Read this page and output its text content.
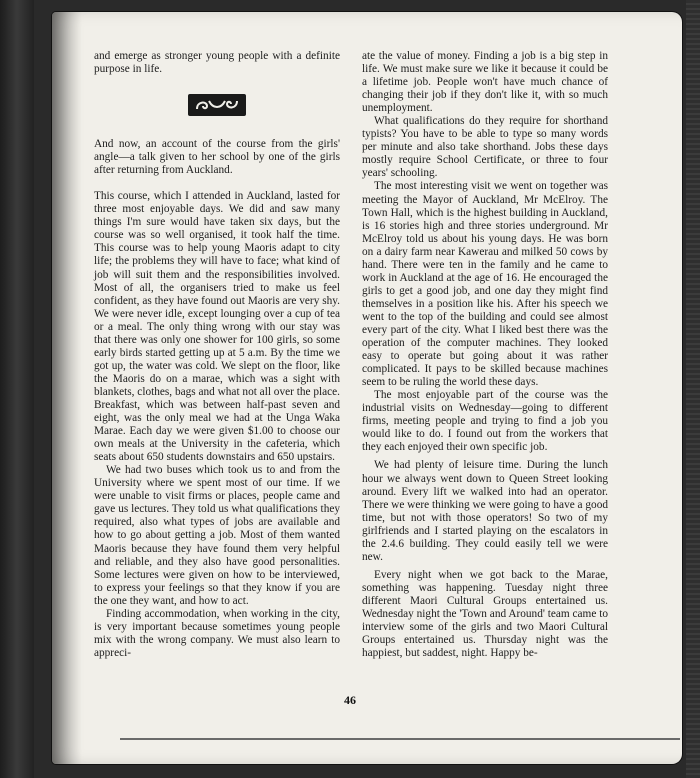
and emerge as stronger young people with a definite purpose in life.

And now, an account of the course from the girls' angle—a talk given to her school by one of the girls after returning from Auckland.

This course, which I attended in Auckland, lasted for three most enjoyable days. We did and saw many things I'm sure would have taken six days, but the course was so well organised, it took half the time. This course was to help young Maoris adapt to city life; the problems they will have to face; what kind of job will suit them and the responsibilities involved. Most of all, the organisers tried to make us feel confident, as they have found out Maoris are very shy. We were never idle, except lounging over a cup of tea or a meal. The only thing wrong with our stay was that there was only one shower for 100 girls, so some early birds started getting up at 5 a.m. By the time we got up, the water was cold. We slept on the floor, like the Maoris do on a marae, which was a sight with blankets, clothes, bags and what not all over the place. Breakfast, which was between half-past seven and eight, was the only meal we had at the Unga Waka Marae. Each day we were given $1.00 to choose our own meals at the University in the cafeteria, which seats about 650 students downstairs and 650 upstairs.

We had two buses which took us to and from the University where we spent most of our time. If we were unable to visit firms or places, people came and gave us lectures. They told us what qualifications they required, also what types of jobs are available and how to go about getting a job. Most of them wanted Maoris because they have found them very helpful and reliable, and they also have good personalities. Some lectures were given on how to be interviewed, to express your feelings so that they know if you are the one they want, and how to act.

Finding accommodation, when working in the city, is very important because sometimes young people mix with the wrong company. We must also learn to appreci-

ate the value of money. Finding a job is a big step in life. We must make sure we like it because it could be a lifetime job. People won't have much chance of changing their job if they don't like it, with so much unemployment.

What qualifications do they require for shorthand typists? You have to be able to type so many words per minute and also take shorthand. Jobs these days mostly require School Certificate, or three to four years' schooling.

The most interesting visit we went on together was meeting the Mayor of Auckland, Mr McElroy. The Town Hall, which is the highest building in Auckland, is 16 stories high and three stories underground. Mr McElroy told us about his young days. He was born on a dairy farm near Kawerau and milked 50 cows by hand. There were ten in the family and he came to work in Auckland at the age of 16. He encouraged the girls to get a good job, and one day they might find themselves in a position like his. After his speech we went to the top of the building and could see almost every part of the city. What I liked best there was the operation of the computer machines. They looked easy to operate but going about it was rather complicated. It pays to be skilled because machines seem to be ruling the world these days.

The most enjoyable part of the course was the industrial visits on Wednesday—going to different firms, meeting people and trying to find a job you would like to do. I found out from the workers that they each enjoyed their own specific job.

We had plenty of leisure time. During the lunch hour we always went down to Queen Street looking around. Every lift we walked into had an operator. There we were thinking we were going to have a good time, but not with those operators! So two of my girlfriends and I started playing on the escalators in the 2.4.6 building. They could easily tell we were new.

Every night when we got back to the Marae, something was happening. Tuesday night three different Maori Cultural Groups entertained us. Wednesday night the 'Town and Around' team came to interview some of the girls and two Maori Cultural Groups entertained us. Thursday night was the happiest, but saddest, night. Happy be-

46
